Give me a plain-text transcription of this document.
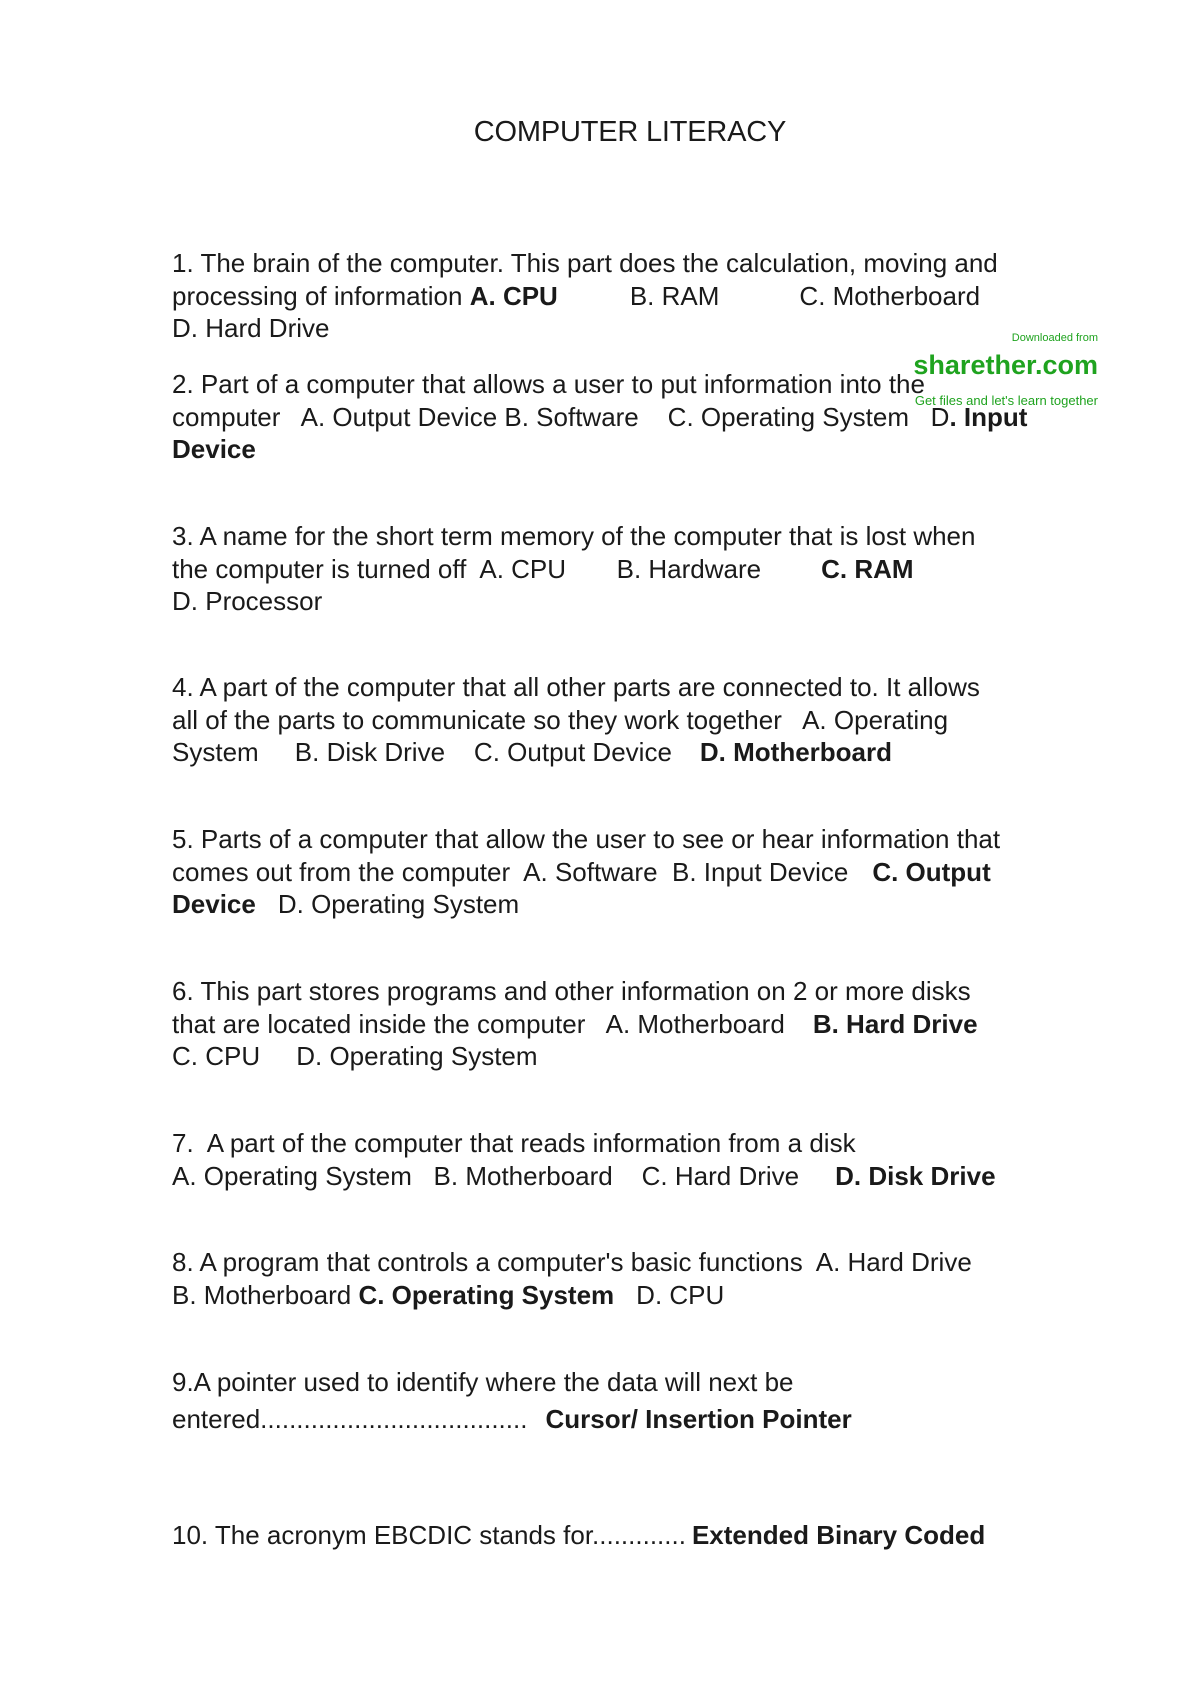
COMPUTER LITERACY
Downloaded from
sharether.com
Get files and let's learn together

1. The brain of the computer. This part does the calculation, moving and

processing of information A. CPU	B. RAM	C. Motherboard

D. Hard Drive

2. Part of a computer that allows a user to put information into the

computer   A. Output Device B. Software    C. Operating System   D. Input

Device

3. A name for the short term memory of the computer that is lost when

the computer is turned off  A. CPU       B. Hardware C. RAM

D. Processor

4. A part of the computer that all other parts are connected to. It allows

all of the parts to communicate so they work together   A. Operating

System     B. Disk Drive    C. Output Device D. Motherboard

5. Parts of a computer that allow the user to see or hear information that

comes out from the computer  A. Software  B. Input Device C. Output

Device D. Operating System

6. This part stores programs and other information on 2 or more disks

that are located inside the computer   A. Motherboard B. Hard Drive

C. CPU     D. Operating System

7.  A part of the computer that reads information from a disk

A. Operating System   B. Motherboard    C. Hard Drive D. Disk Drive

8. A program that controls a computer's basic functions  A. Hard Drive

B. Motherboard C. Operating System D. CPU

9.A pointer used to identify where the data will next be

entered..................................... Cursor/ Insertion Pointer

10. The acronym EBCDIC stands for............. Extended Binary Coded
